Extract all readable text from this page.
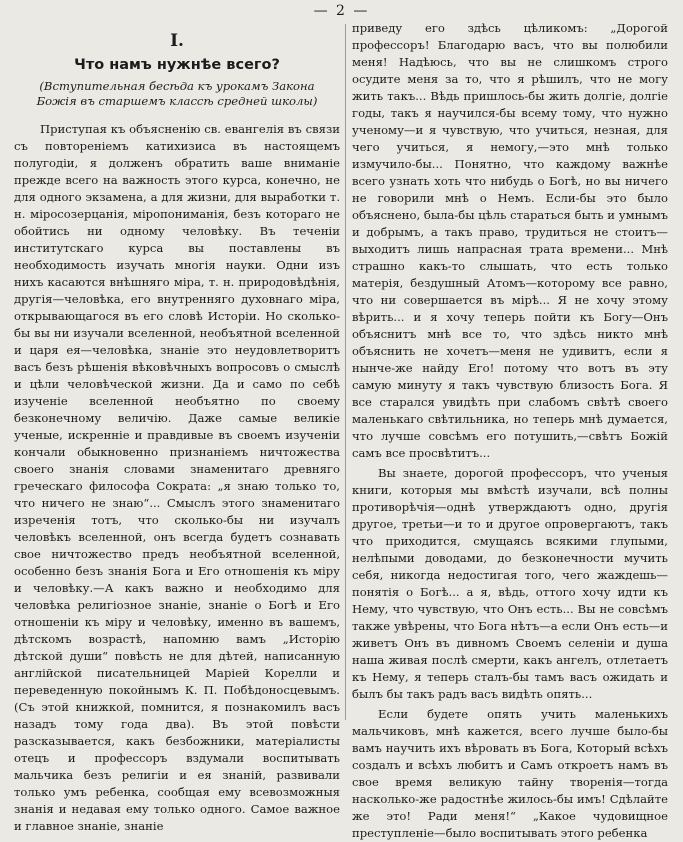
— 2 —
I.
Что намъ нужнѣе всего?
(Вступительная бесѣда къ урокамъ Закона Божія въ старшемъ классѣ средней школы)

Приступая къ объясненію св. евангелія въ связи съ повтореніемъ катихизиса въ настоящемъ полугодіи, я долженъ обратить ваше вниманіе прежде всего на важность этого курса, конечно, не для одного экзамена, а для жизни, для выработки т. н. міросозерцанія, міропониманія, безъ котораго не обойтись ни одному человѣку. Въ теченіи институтскаго курса вы поставлены въ необходимость изучать многія науки. Одни изъ нихъ касаются внѣшняго міра, т. н. природовѣдѣнія, другія—человѣка, его внутренняго духовнаго міра, открывающагося въ его словѣ Исторіи. Но сколько-бы вы ни изучали вселенной, необъятной вселенной и царя ея—человѣка, знаніе это неудовлетворитъ васъ безъ рѣшенія вѣковѣчныхъ вопросовъ о смыслѣ и цѣли человѣческой жизни. Да и само по себѣ изученіе вселенной необъятно по своему безконечному величію. Даже самые великіе ученые, искренніе и правдивые въ своемъ изученіи кончали обыкновенно признаніемъ ничтожества своего знанія словами знаменитаго древняго греческаго философа Сократа: „я знаю только то, что ничего не знаю“... Смыслъ этого знаменитаго изреченія тотъ, что сколько-бы ни изучалъ человѣкъ вселенной, онъ всегда будетъ сознавать свое ничтожество предъ необъятной вселенной, особенно безъ знанія Бога и Его отношенія къ міру и человѣку.—А какъ важно и необходимо для человѣка религіозное знаніе, знаніе о Богѣ и Его отношеніи къ міру и человѣку, именно въ вашемъ, дѣтскомъ возрастѣ, напомню вамъ „Исторію дѣтской души“ повѣсть не для дѣтей, написанную англійской писательницей Маріей Корелли и переведенную покойнымъ К. П. Побѣдоносцевымъ. (Съ этой книжкой, помнится, я познакомилъ васъ назадъ тому года два). Въ этой повѣсти разсказывается, какъ безбожники, матеріалисты отецъ и профессоръ вздумали воспитывать мальчика безъ религіи и ея знаній, развивали только умъ ребенка, сообщая ему всевозможныя знанія и недавая ему только одного. Самое важное и главное знаніе, знаніе

приведу его здѣсь цѣликомъ: „Дорогой профессоръ! Благодарю васъ, что вы полюбили меня! Надѣюсь, что вы не слишкомъ строго осудите меня за то, что я рѣшилъ, что не могу жить такъ... Вѣдь пришлось-бы жить долгіе, долгіе годы, такъ я научился-бы всему тому, что нужно ученому—и я чувствую, что учиться, незная, для чего учиться, я немогу,—это мнѣ только измучило-бы... Понятно, что каждому важнѣе всего узнать хоть что нибудь о Богѣ, но вы ничего не говорили мнѣ о Немъ. Если-бы это было объяснено, была-бы цѣль стараться быть и умнымъ и добрымъ, а такъ право, трудиться не стоитъ—выходитъ лишь напрасная трата времени... Мнѣ страшно какъ-то слышать, что есть только матерія, бездушный Атомъ—которому все равно, что ни совершается въ мірѣ... Я не хочу этому вѣрить... и я хочу теперь пойти къ Богу—Онъ объяснитъ мнѣ все то, что здѣсь никто мнѣ объяснить не хочетъ—меня не удивитъ, если я нынче-же найду Его! потому что вотъ въ эту самую минуту я такъ чувствую близость Бога. Я все старался увидѣть при слабомъ свѣтѣ своего маленькаго свѣтильника, но теперь мнѣ думается, что лучше совсѣмъ его потушить,—свѣтъ Божій самъ все просвѣтитъ...

Вы знаете, дорогой профессоръ, что ученыя книги, которыя мы вмѣстѣ изучали, всѣ полны противорѣчія—однѣ утверждаютъ одно, другія другое, третьи—и то и другое опровергаютъ, такъ что приходится, смущаясь всякими глупыми, нелѣпыми доводами, до безконечности мучить себя, никогда недостигая того, чего жаждешь—понятія о Богѣ... а я, вѣдь, оттого хочу идти къ Нему, что чувствую, что Онъ есть... Вы не совсѣмъ также увѣрены, что Бога нѣтъ—а если Онъ есть—и живетъ Онъ въ дивномъ Своемъ селеніи и душа наша живая послѣ смерти, какъ ангелъ, отлетаетъ къ Нему, я теперь сталъ-бы тамъ васъ ожидать и былъ бы такъ радъ васъ видѣть опять...

Если будете опять учить маленькихъ мальчиковъ, мнѣ кажется, всего лучше было-бы вамъ научить ихъ вѣровать въ Бога, Который всѣхъ создалъ и всѣхъ любитъ и Самъ откроетъ намъ въ свое время великую тайну творенія—тогда насколько-же радостнѣе жилось-бы имъ! Сдѣлайте же это! Ради меня!“ „Какое чудовищное преступленіе—было воспитывать этого ребенка
